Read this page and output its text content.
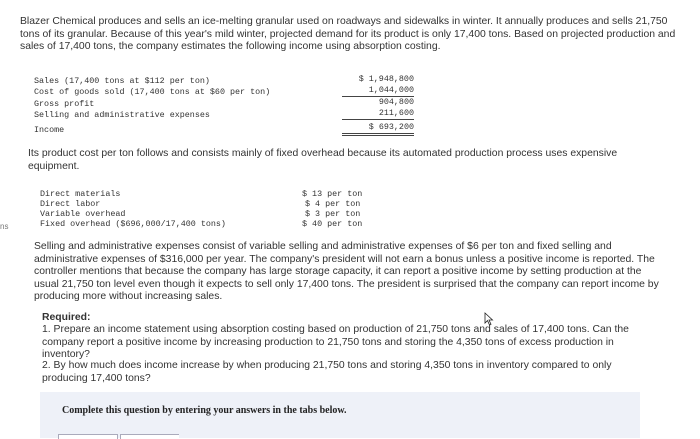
Blazer Chemical produces and sells an ice-melting granular used on roadways and sidewalks in winter. It annually produces and sells 21,750 tons of its granular. Because of this year's mild winter, projected demand for its product is only 17,400 tons. Based on projected production and sales of 17,400 tons, the company estimates the following income using absorption costing.
Sales (17,400 tons at $112 per ton)	$ 1,948,800
Cost of goods sold (17,400 tons at $60 per ton)	1,044,000
Gross profit	904,800
Selling and administrative expenses	211,600
Income	$ 693,200
Its product cost per ton follows and consists mainly of fixed overhead because its automated production process uses expensive equipment.
Direct materials	$ 13 per ton
Direct labor	$ 4 per ton
Variable overhead	$ 3 per ton
Fixed overhead ($696,000/17,400 tons)	$ 40 per ton
ns
Selling and administrative expenses consist of variable selling and administrative expenses of $6 per ton and fixed selling and administrative expenses of $316,000 per year. The company's president will not earn a bonus unless a positive income is reported. The controller mentions that because the company has large storage capacity, it can report a positive income by setting production at the usual 21,750 ton level even though it expects to sell only 17,400 tons. The president is surprised that the company can report income by producing more without increasing sales.
Required:
1. Prepare an income statement using absorption costing based on production of 21,750 tons and sales of 17,400 tons. Can the company report a positive income by increasing production to 21,750 tons and storing the 4,350 tons of excess production in inventory?
2. By how much does income increase by when producing 21,750 tons and storing 4,350 tons in inventory compared to only producing 17,400 tons?
Complete this question by entering your answers in the tabs below.
